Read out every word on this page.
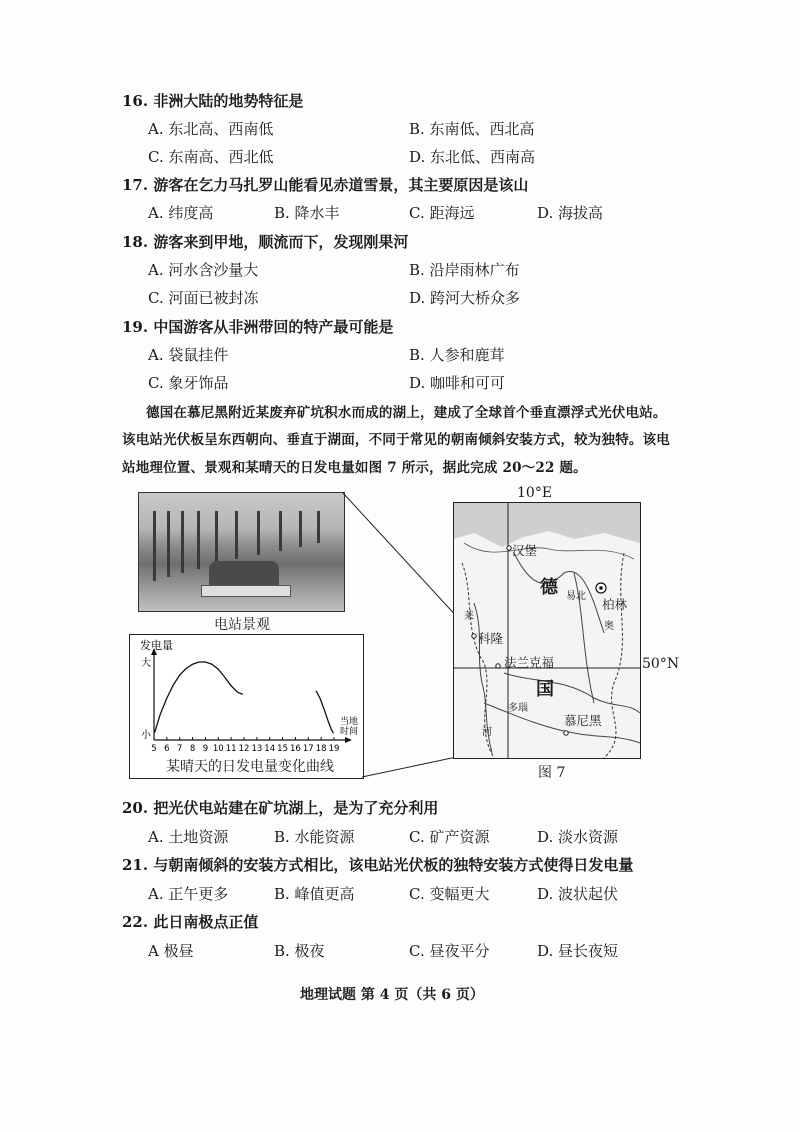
16. 非洲大陆的地势特征是
A. 东北高、西南低	B. 东南低、西北高
C. 东南高、西北低	D. 东北低、西南高
17. 游客在乞力马扎罗山能看见赤道雪景，其主要原因是该山
A. 纬度高	B. 降水丰	C. 距海远	D. 海拔高
18. 游客来到甲地，顺流而下，发现刚果河
A. 河水含沙量大	B. 沿岸雨林广布
C. 河面已被封冻	D. 跨河大桥众多
19. 中国游客从非洲带回的特产最可能是
A. 袋鼠挂件	B. 人参和鹿茸
C. 象牙饰品	D. 咖啡和可可
德国在慕尼黑附近某废弃矿坑积水而成的湖上，建成了全球首个垂直漂浮式光伏电站。
该电站光伏板呈东西朝向、垂直于湖面，不同于常见的朝南倾斜安装方式，较为独特。该电
站地理位置、景观和某晴天的日发电量如图 7 所示，据此完成 20～22 题。
电站景观
发电量
大
小
当地
时间
5 6 7 8 9 10 11 12 13 14 15 16 17 18 19
汉堡
柏林
科隆
法兰克福
慕尼黑
德
国
莱
易北
奥
多瑙
河
10°E
50°N
图 7
20. 把光伏电站建在矿坑湖上，是为了充分利用
A. 土地资源	B. 水能资源	C. 矿产资源	D. 淡水资源
21. 与朝南倾斜的安装方式相比，该电站光伏板的独特安装方式使得日发电量
A. 正午更多	B. 峰值更高	C. 变幅更大	D. 波状起伏
22. 此日南极点正值
A 极昼	B. 极夜	C. 昼夜平分	D. 昼长夜短
地理试题 第 4 页（共 6 页）
某晴天的日发电量变化曲线
